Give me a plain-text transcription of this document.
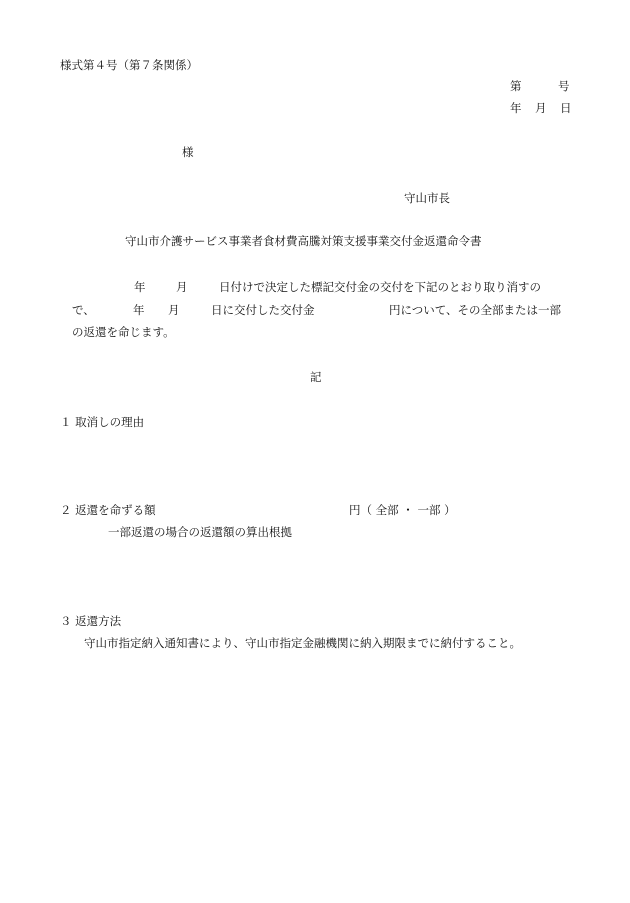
様式第４号（第７条関係）
第	号
年 月 日
様
守山市長
守山市介護サービス事業者食材費高騰対策支援事業交付金返還命令書
年	月	日付けで決定した標記交付金の交付を下記のとおり取り消すの
で、	年 月	日に交付した交付金	円について、その全部または一部
の返還を命じます。
記
１ 取消しの理由
２ 返還を命ずる額	円（ 全部 ・ 一部 ）
一部返還の場合の返還額の算出根拠
３ 返還方法
守山市指定納入通知書により、守山市指定金融機関に納入期限までに納付すること。
